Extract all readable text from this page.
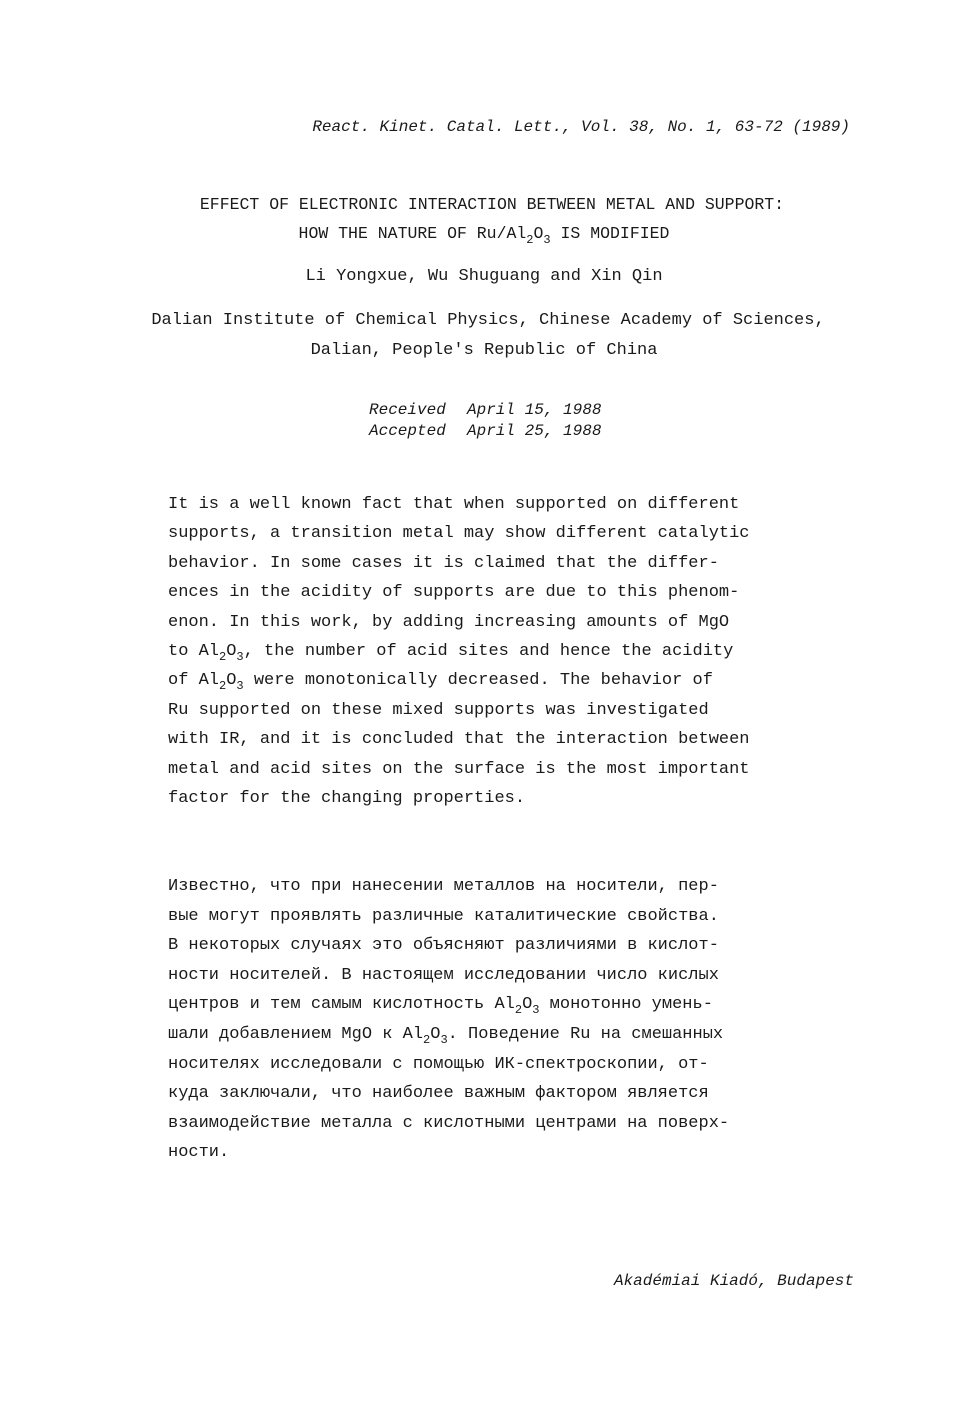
React. Kinet. Catal. Lett., Vol. 38, No. 1, 63-72 (1989)
EFFECT OF ELECTRONIC INTERACTION BETWEEN METAL AND SUPPORT:
HOW THE NATURE OF $Ru/Al_2O_3$ IS MODIFIED
Li Yongxue, Wu Shuguang and Xin Qin
Dalian Institute of Chemical Physics, Chinese Academy of Sciences,
Dalian, People's Republic of China
Received April 15, 1988
Accepted April 25, 1988
It is a well known fact that when supported on different
supports, a transition metal may show different catalytic
behavior. In some cases it is claimed that the differ-
ences in the acidity of supports are due to this phenom-
enon. In this work, by adding increasing amounts of MgO
to $Al_2O_3$, the number of acid sites and hence the acidity
of $Al_2O_3$ were monotonically decreased. The behavior of
Ru supported on these mixed supports was investigated
with IR, and it is concluded that the interaction between
metal and acid sites on the surface is the most important
factor for the changing properties.
Известно, что при нанесении металлов на носители, пер-
вые могут проявлять различные каталитические свойства.
В некоторых случаях это объясняют различиями в кислот-
ности носителей. В настоящем исследовании число кислых
центров и тем самым кислотность $Al_2O_3$ монотонно умень-
шали добавлением MgO к $Al_2O_3$. Поведение Ru на смешанных
носителях исследовали с помощью ИК-спектроскопии, от-
куда заключали, что наиболее важным фактором является
взаимодействие металла с кислотными центрами на поверх-
ности.
Akadémiai Kiadó, Budapest
